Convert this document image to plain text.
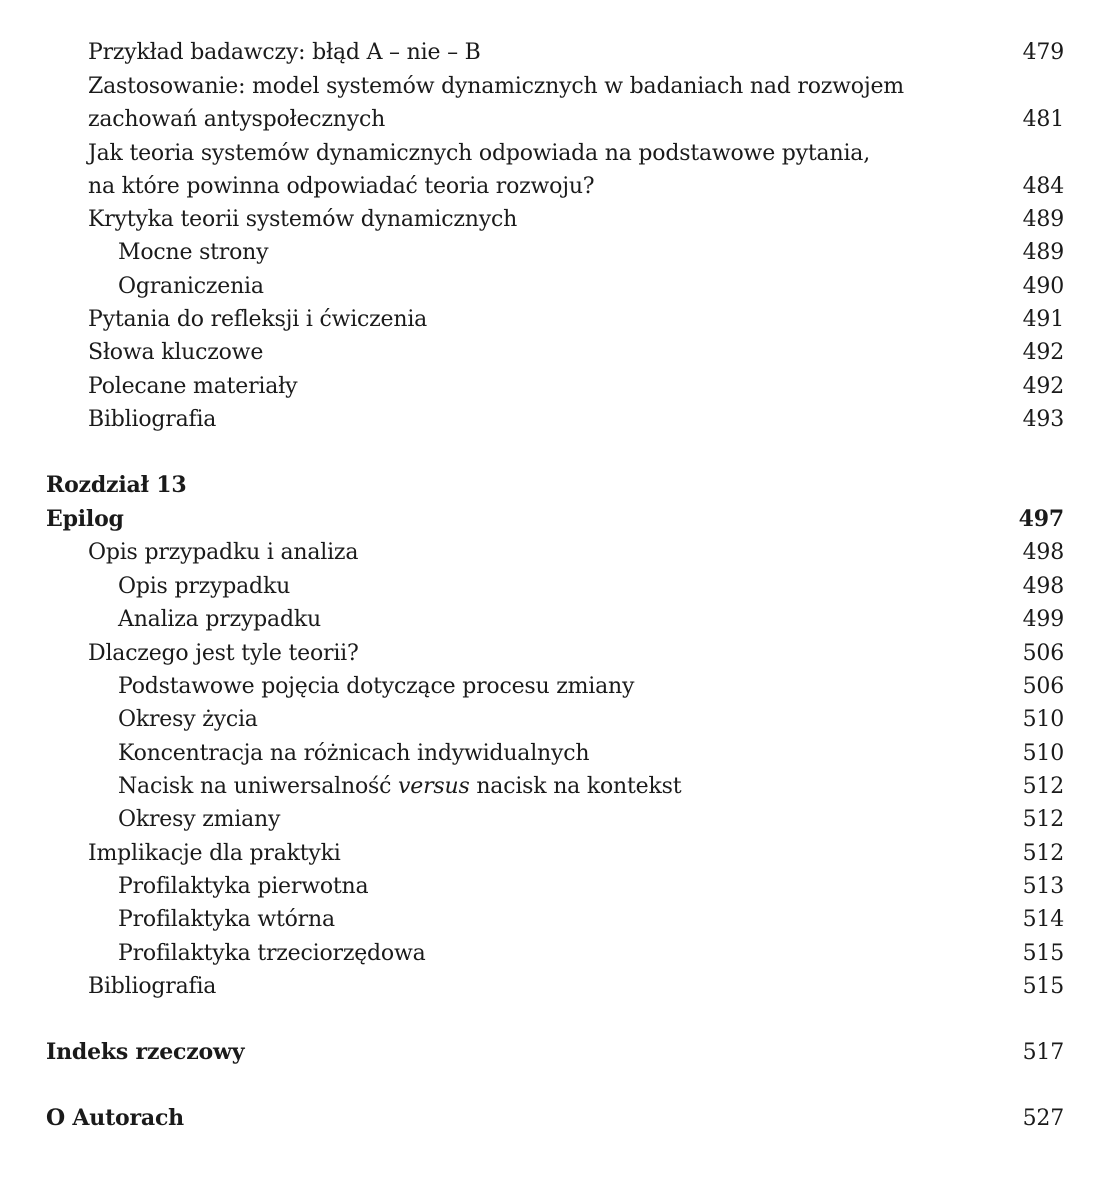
Przykład badawczy: błąd A – nie – B	479
Zastosowanie: model systemów dynamicznych w badaniach nad rozwojem
zachowań antyspołecznych	481
Jak teoria systemów dynamicznych odpowiada na podstawowe pytania,
na które powinna odpowiadać teoria rozwoju?	484
Krytyka teorii systemów dynamicznych	489
Mocne strony	489
Ograniczenia	490
Pytania do refleksji i ćwiczenia	491
Słowa kluczowe	492
Polecane materiały	492
Bibliografia	493
Rozdział 13
Epilog	497
Opis przypadku i analiza	498
Opis przypadku	498
Analiza przypadku	499
Dlaczego jest tyle teorii?	506
Podstawowe pojęcia dotyczące procesu zmiany	506
Okresy życia	510
Koncentracja na różnicach indywidualnych	510
Nacisk na uniwersalność versus nacisk na kontekst	512
Okresy zmiany	512
Implikacje dla praktyki	512
Profilaktyka pierwotna	513
Profilaktyka wtórna	514
Profilaktyka trzeciorzędowa	515
Bibliografia	515
Indeks rzeczowy	517
O Autorach	527
